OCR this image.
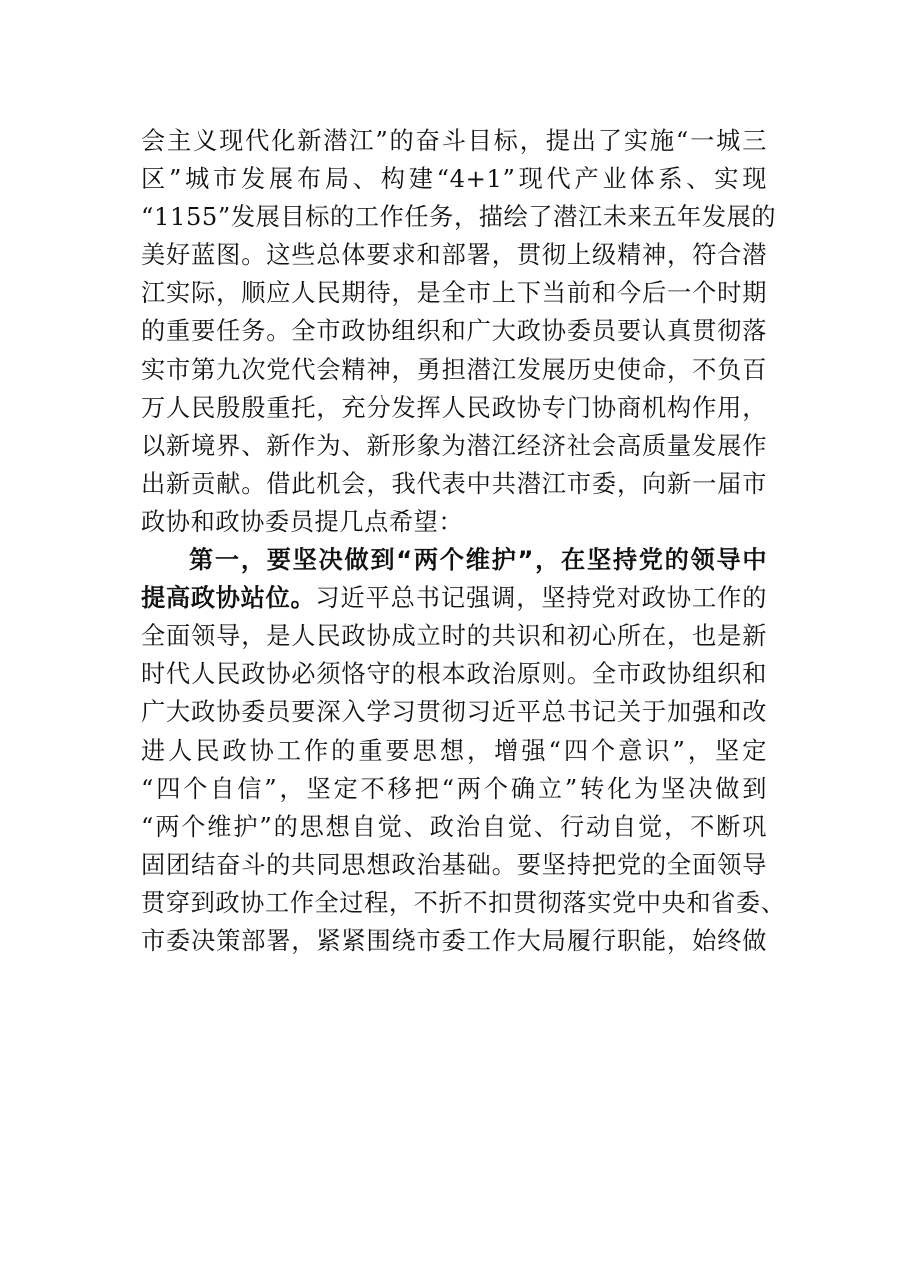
会主义现代化新潜江”的奋斗目标，提出了实施“一城三
区”城市发展布局、构建“4+1”现代产业体系、实现
“1155”发展目标的工作任务，描绘了潜江未来五年发展的
美好蓝图。这些总体要求和部署，贯彻上级精神，符合潜
江实际，顺应人民期待，是全市上下当前和今后一个时期
的重要任务。全市政协组织和广大政协委员要认真贯彻落
实市第九次党代会精神，勇担潜江发展历史使命，不负百
万人民殷殷重托，充分发挥人民政协专门协商机构作用，
以新境界、新作为、新形象为潜江经济社会高质量发展作
出新贡献。借此机会，我代表中共潜江市委，向新一届市
政协和政协委员提几点希望：
第一，要坚决做到“两个维护”，在坚持党的领导中
提高政协站位。习近平总书记强调，坚持党对政协工作的
全面领导，是人民政协成立时的共识和初心所在，也是新
时代人民政协必须恪守的根本政治原则。全市政协组织和
广大政协委员要深入学习贯彻习近平总书记关于加强和改
进人民政协工作的重要思想，增强“四个意识”，坚定
“四个自信”，坚定不移把“两个确立”转化为坚决做到
“两个维护”的思想自觉、政治自觉、行动自觉，不断巩
固团结奋斗的共同思想政治基础。要坚持把党的全面领导
贯穿到政协工作全过程，不折不扣贯彻落实党中央和省委、
市委决策部署，紧紧围绕市委工作大局履行职能，始终做
